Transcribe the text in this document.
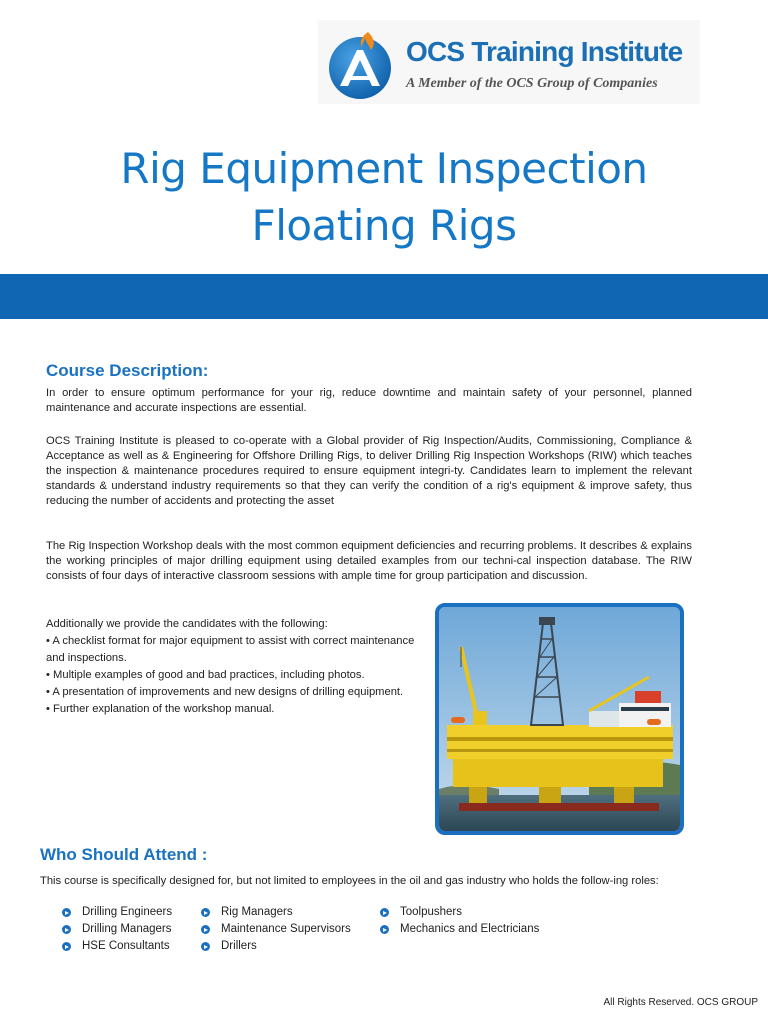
OCS Training Institute
A Member of the OCS Group of Companies
Rig Equipment Inspection
Floating Rigs
Course Description:

In order to ensure optimum performance for your rig, reduce downtime and maintain safety of your personnel, planned maintenance and accurate inspections are essential.

OCS Training Institute is pleased to co-operate with a Global provider of Rig Inspection/Audits, Commissioning, Compliance & Acceptance as well as & Engineering for Offshore Drilling Rigs, to deliver Drilling Rig Inspection Workshops (RIW) which teaches the inspection & maintenance procedures required to ensure equipment integri-ty. Candidates learn to implement the relevant standards & understand industry requirements so that they can verify the condition of a rig's equipment & improve safety, thus reducing the number of accidents and protecting the asset

The Rig Inspection Workshop deals with the most common equipment deficiencies and recurring problems. It describes & explains the working principles of major drilling equipment using detailed examples from our techni-cal inspection database. The RIW consists of four days of interactive classroom sessions with ample time for group participation and discussion.

Additionally we provide the candidates with the following:
• A checklist format for major equipment to assist with correct maintenance and inspections.
• Multiple examples of good and bad practices, including photos.
• A presentation of improvements and new designs of drilling equipment.
• Further explanation of the workshop manual.
Who Should Attend :

This course is specifically designed for, but not limited to employees in the oil and gas industry who holds the follow-ing roles:

Drilling Engineers
Drilling Managers
HSE Consultants
Rig Managers
Maintenance Supervisors
Drillers
Toolpushers
Mechanics and Electricians
All Rights Reserved. OCS GROUP
